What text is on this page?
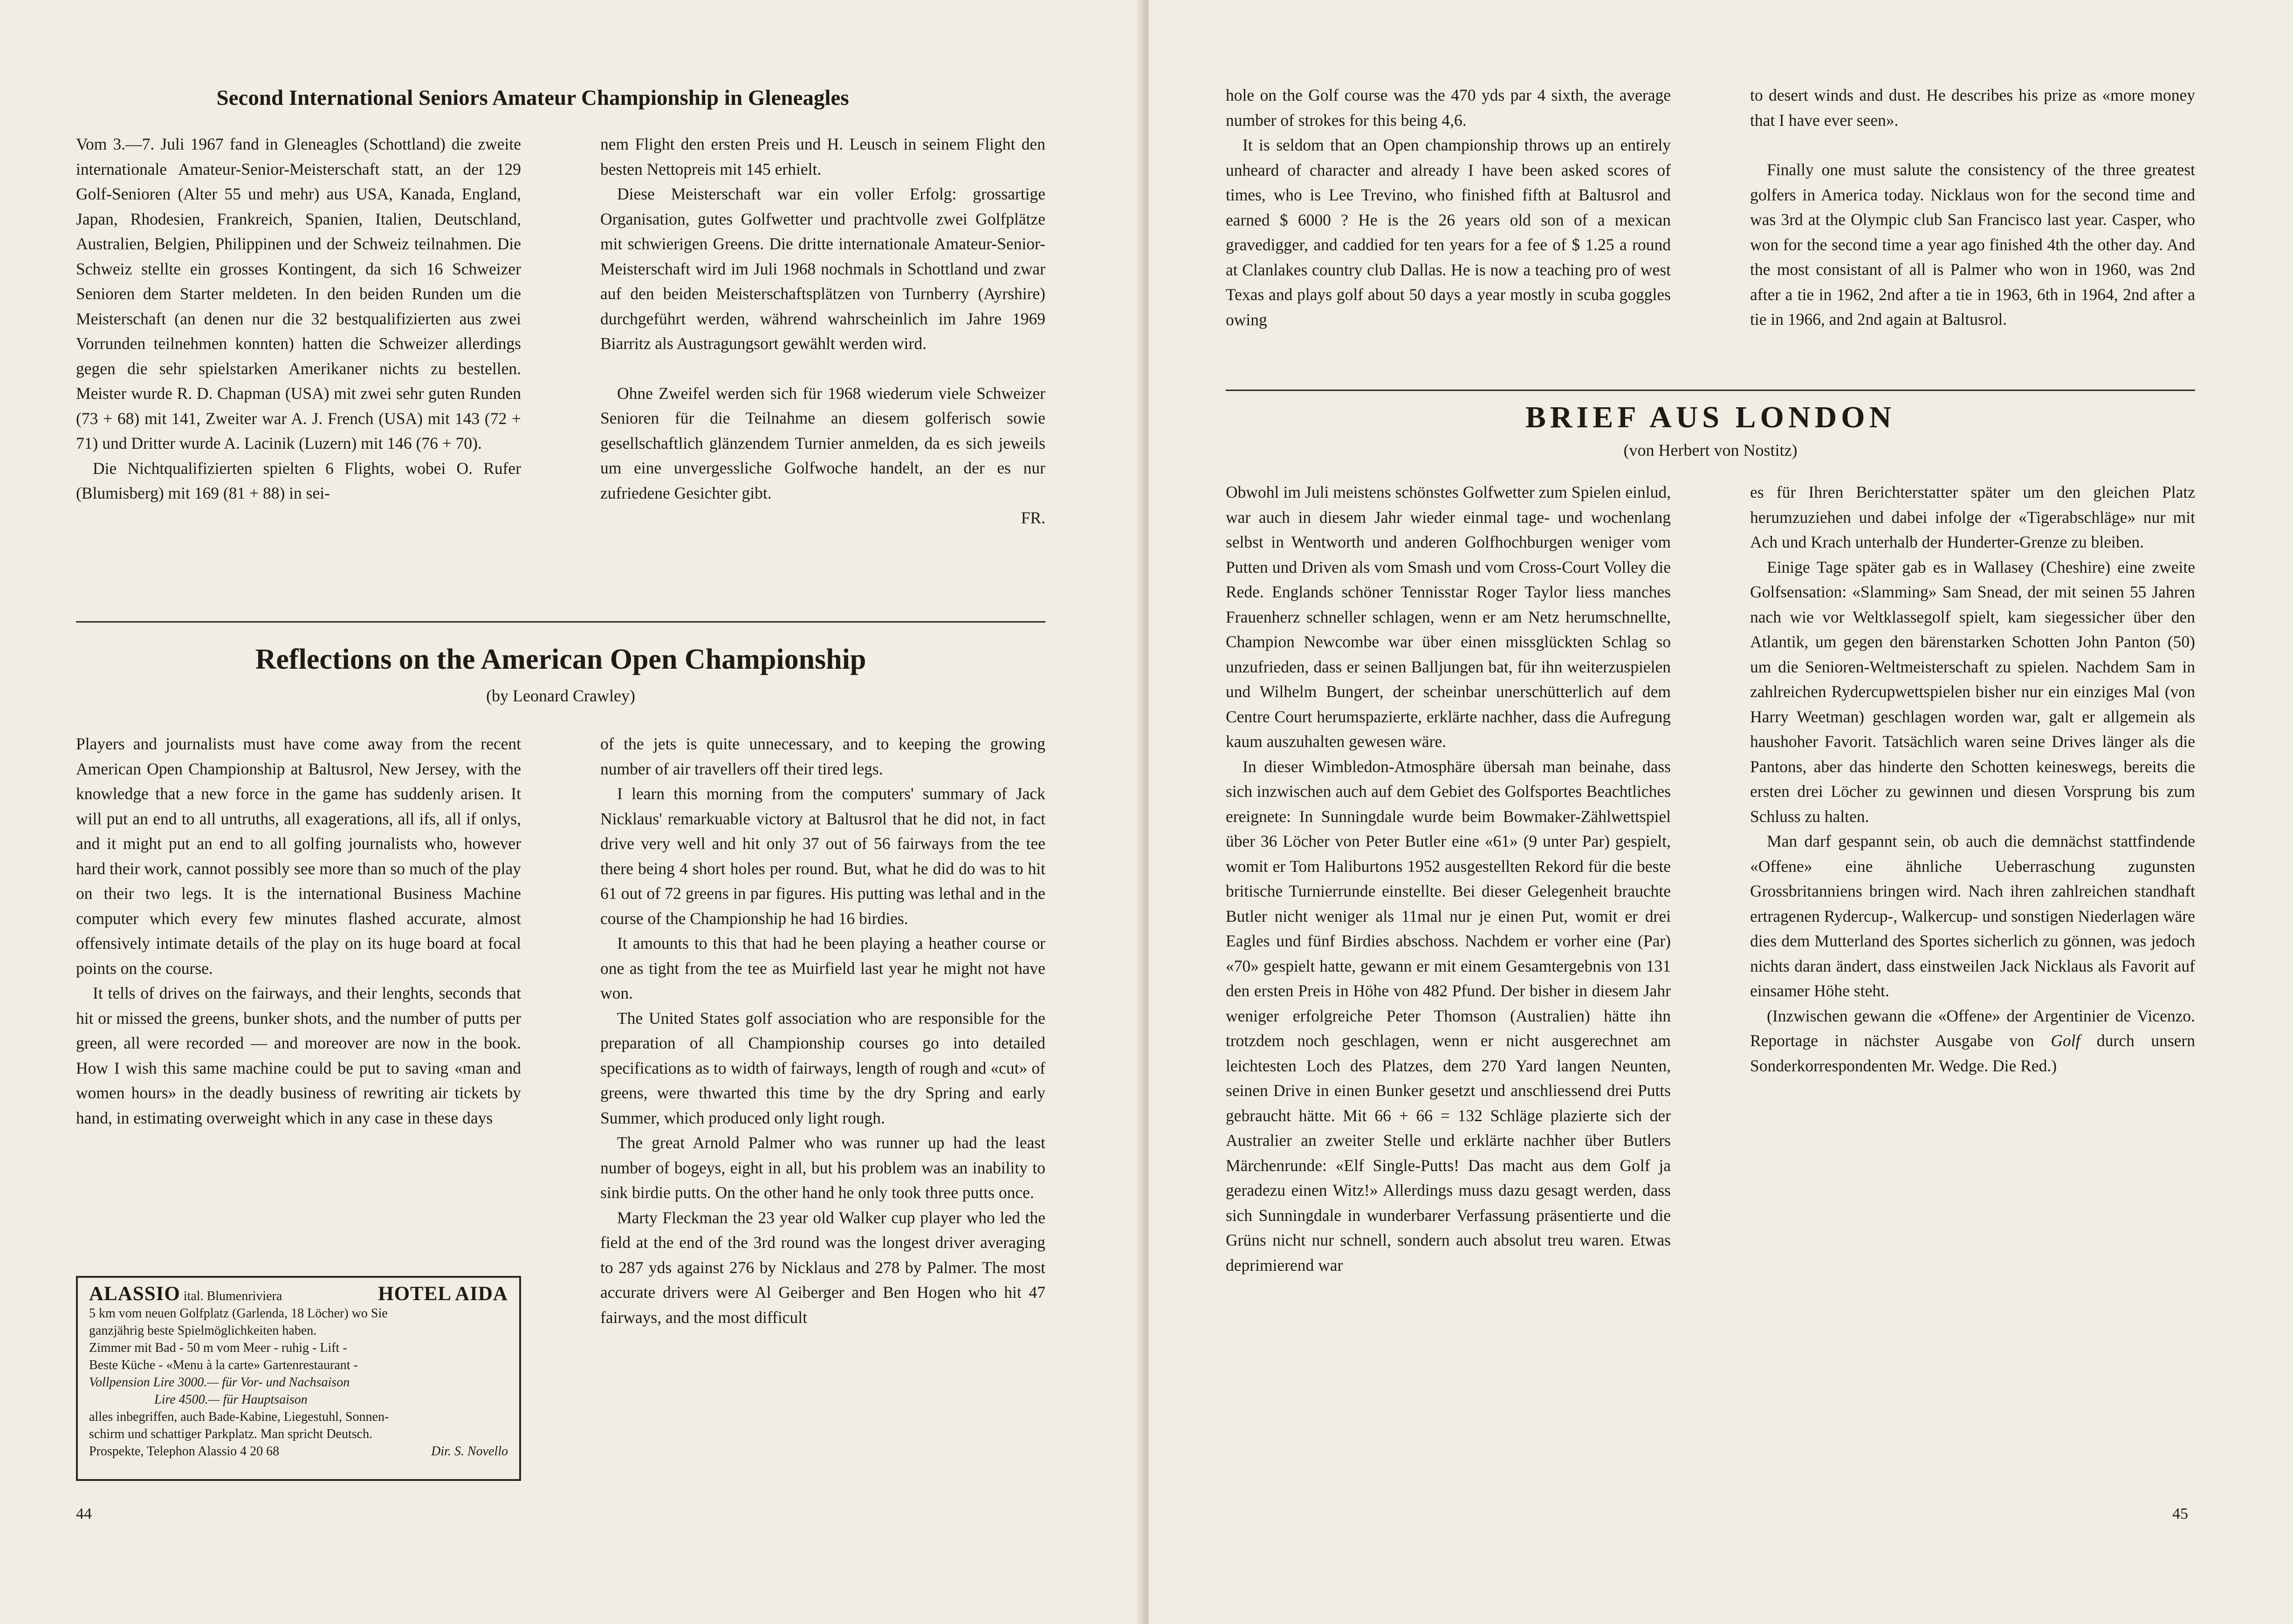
Second International Seniors Amateur Championship in Gleneagles

Vom 3.—7. Juli 1967 fand in Gleneagles (Schottland) die zweite internationale Amateur-Senior-Meisterschaft statt, an der 129 Golf-Senioren (Alter 55 und mehr) aus USA, Kanada, England, Japan, Rhodesien, Frankreich, Spanien, Italien, Deutschland, Australien, Belgien, Philippinen und der Schweiz teilnahmen. Die Schweiz stellte ein grosses Kontingent, da sich 16 Schweizer Senioren dem Starter meldeten. In den beiden Runden um die Meisterschaft (an denen nur die 32 bestqualifizierten aus zwei Vorrunden teilnehmen konnten) hatten die Schweizer allerdings gegen die sehr spielstarken Amerikaner nichts zu bestellen. Meister wurde R. D. Chapman (USA) mit zwei sehr guten Runden (73 + 68) mit 141, Zweiter war A. J. French (USA) mit 143 (72 + 71) und Dritter wurde A. Lacinik (Luzern) mit 146 (76 + 70).

Die Nichtqualifizierten spielten 6 Flights, wobei O. Rufer (Blumisberg) mit 169 (81 + 88) in sei-

nem Flight den ersten Preis und H. Leusch in seinem Flight den besten Nettopreis mit 145 erhielt.

Diese Meisterschaft war ein voller Erfolg: grossartige Organisation, gutes Golfwetter und prachtvolle zwei Golfplätze mit schwierigen Greens. Die dritte internationale Amateur-Senior-Meisterschaft wird im Juli 1968 nochmals in Schottland und zwar auf den beiden Meisterschaftsplätzen von Turnberry (Ayrshire) durchgeführt werden, während wahrscheinlich im Jahre 1969 Biarritz als Austragungsort gewählt werden wird.

Ohne Zweifel werden sich für 1968 wiederum viele Schweizer Senioren für die Teilnahme an diesem golferisch sowie gesellschaftlich glänzendem Turnier anmelden, da es sich jeweils um eine unvergessliche Golfwoche handelt, an der es nur zufriedene Gesichter gibt.

FR.

Reflections on the American Open Championship
(by Leonard Crawley)

Players and journalists must have come away from the recent American Open Championship at Baltusrol, New Jersey, with the knowledge that a new force in the game has suddenly arisen. It will put an end to all untruths, all exagerations, all ifs, all if onlys, and it might put an end to all golfing journalists who, however hard their work, cannot possibly see more than so much of the play on their two legs. It is the international Business Machine computer which every few minutes flashed accurate, almost offensively intimate details of the play on its huge board at focal points on the course.

It tells of drives on the fairways, and their lenghts, seconds that hit or missed the greens, bunker shots, and the number of putts per green, all were recorded — and moreover are now in the book. How I wish this same machine could be put to saving «man and women hours» in the deadly business of rewriting air tickets by hand, in estimating overweight which in any case in these days

of the jets is quite unnecessary, and to keeping the growing number of air travellers off their tired legs.

I learn this morning from the computers' summary of Jack Nicklaus' remarkuable victory at Baltusrol that he did not, in fact drive very well and hit only 37 out of 56 fairways from the tee there being 4 short holes per round. But, what he did do was to hit 61 out of 72 greens in par figures. His putting was lethal and in the course of the Championship he had 16 birdies.

It amounts to this that had he been playing a heather course or one as tight from the tee as Muirfield last year he might not have won.

The United States golf association who are responsible for the preparation of all Championship courses go into detailed specifications as to width of fairways, length of rough and «cut» of greens, were thwarted this time by the dry Spring and early Summer, which produced only light rough.

The great Arnold Palmer who was runner up had the least number of bogeys, eight in all, but his problem was an inability to sink birdie putts. On the other hand he only took three putts once.

Marty Fleckman the 23 year old Walker cup player who led the field at the end of the 3rd round was the longest driver averaging to 287 yds against 276 by Nicklaus and 278 by Palmer. The most accurate drivers were Al Geiberger and Ben Hogen who hit 47 fairways, and the most difficult

ALASSIO ital. Blumenriviera	HOTEL AIDA
5 km vom neuen Golfplatz (Garlenda, 18 Löcher) wo Sie
ganzjährig beste Spielmöglichkeiten haben.
Zimmer mit Bad - 50 m vom Meer - ruhig - Lift -
Beste Küche - «Menu à la carte» Gartenrestaurant -
Vollpension Lire 3000.— für Vor- und Nachsaison
Lire 4500.— für Hauptsaison
alles inbegriffen, auch Bade-Kabine, Liegestuhl, Sonnen-
schirm und schattiger Parkplatz. Man spricht Deutsch.
Prospekte, Telephon Alassio 4 20 68	Dir. S. Novello
44

hole on the Golf course was the 470 yds par 4 sixth, the average number of strokes for this being 4,6.

It is seldom that an Open championship throws up an entirely unheard of character and already I have been asked scores of times, who is Lee Trevino, who finished fifth at Baltusrol and earned $ 6000 ? He is the 26 years old son of a mexican gravedigger, and caddied for ten years for a fee of $ 1.25 a round at Clanlakes country club Dallas. He is now a teaching pro of west Texas and plays golf about 50 days a year mostly in scuba goggles owing

to desert winds and dust. He describes his prize as «more money that I have ever seen».

Finally one must salute the consistency of the three greatest golfers in America today. Nicklaus won for the second time and was 3rd at the Olympic club San Francisco last year. Casper, who won for the second time a year ago finished 4th the other day. And the most consistant of all is Palmer who won in 1960, was 2nd after a tie in 1962, 2nd after a tie in 1963, 6th in 1964, 2nd after a tie in 1966, and 2nd again at Baltusrol.

BRIEF AUS LONDON
(von Herbert von Nostitz)

Obwohl im Juli meistens schönstes Golfwetter zum Spielen einlud, war auch in diesem Jahr wieder einmal tage- und wochenlang selbst in Wentworth und anderen Golfhochburgen weniger vom Putten und Driven als vom Smash und vom Cross-Court Volley die Rede. Englands schöner Tennisstar Roger Taylor liess manches Frauenherz schneller schlagen, wenn er am Netz herumschnellte, Champion Newcombe war über einen missglückten Schlag so unzufrieden, dass er seinen Balljungen bat, für ihn weiterzuspielen und Wilhelm Bungert, der scheinbar unerschütterlich auf dem Centre Court herumspazierte, erklärte nachher, dass die Aufregung kaum auszuhalten gewesen wäre.

In dieser Wimbledon-Atmosphäre übersah man beinahe, dass sich inzwischen auch auf dem Gebiet des Golfsportes Beachtliches ereignete: In Sunningdale wurde beim Bowmaker-Zählwettspiel über 36 Löcher von Peter Butler eine «61» (9 unter Par) gespielt, womit er Tom Haliburtons 1952 ausgestellten Rekord für die beste britische Turnierrunde einstellte. Bei dieser Gelegenheit brauchte Butler nicht weniger als 11mal nur je einen Put, womit er drei Eagles und fünf Birdies abschoss. Nachdem er vorher eine (Par) «70» gespielt hatte, gewann er mit einem Gesamtergebnis von 131 den ersten Preis in Höhe von 482 Pfund. Der bisher in diesem Jahr weniger erfolgreiche Peter Thomson (Australien) hätte ihn trotzdem noch geschlagen, wenn er nicht ausgerechnet am leichtesten Loch des Platzes, dem 270 Yard langen Neunten, seinen Drive in einen Bunker gesetzt und anschliessend drei Putts gebraucht hätte. Mit 66 + 66 = 132 Schläge plazierte sich der Australier an zweiter Stelle und erklärte nachher über Butlers Märchenrunde: «Elf Single-Putts! Das macht aus dem Golf ja geradezu einen Witz!» Allerdings muss dazu gesagt werden, dass sich Sunningdale in wunderbarer Verfassung präsentierte und die Grüns nicht nur schnell, sondern auch absolut treu waren. Etwas deprimierend war

es für Ihren Berichterstatter später um den gleichen Platz herumzuziehen und dabei infolge der «Tigerabschläge» nur mit Ach und Krach unterhalb der Hunderter-Grenze zu bleiben.

Einige Tage später gab es in Wallasey (Cheshire) eine zweite Golfsensation: «Slamming» Sam Snead, der mit seinen 55 Jahren nach wie vor Weltklassegolf spielt, kam siegessicher über den Atlantik, um gegen den bärenstarken Schotten John Panton (50) um die Senioren-Weltmeisterschaft zu spielen. Nachdem Sam in zahlreichen Rydercupwettspielen bisher nur ein einziges Mal (von Harry Weetman) geschlagen worden war, galt er allgemein als haushoher Favorit. Tatsächlich waren seine Drives länger als die Pantons, aber das hinderte den Schotten keineswegs, bereits die ersten drei Löcher zu gewinnen und diesen Vorsprung bis zum Schluss zu halten.

Man darf gespannt sein, ob auch die demnächst stattfindende «Offene» eine ähnliche Ueberraschung zugunsten Grossbritanniens bringen wird. Nach ihren zahlreichen standhaft ertragenen Rydercup-, Walkercup- und sonstigen Niederlagen wäre dies dem Mutterland des Sportes sicherlich zu gönnen, was jedoch nichts daran ändert, dass einstweilen Jack Nicklaus als Favorit auf einsamer Höhe steht.

(Inzwischen gewann die «Offene» der Argentinier de Vicenzo. Reportage in nächster Ausgabe von Golf durch unsern Sonderkorrespondenten Mr. Wedge. Die Red.)

45
